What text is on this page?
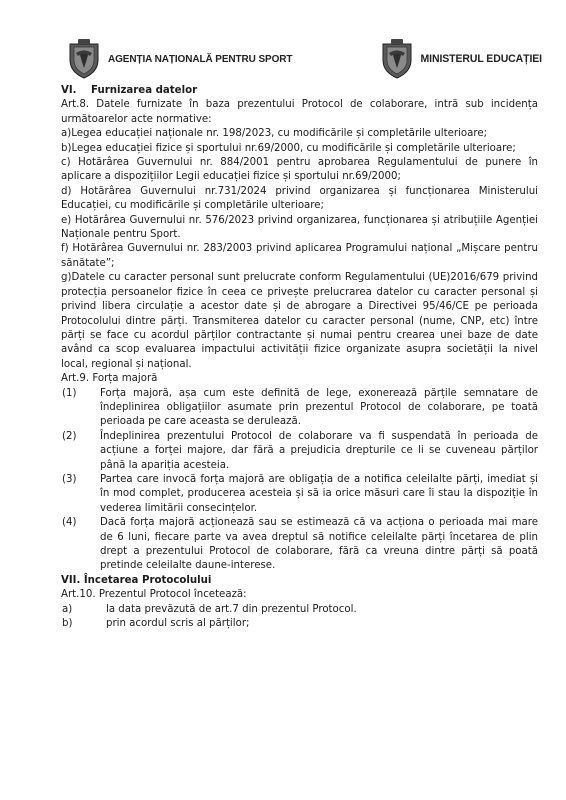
AGENȚIA NAȚIONALĂ PENTRU SPORT	MINISTERUL EDUCAȚIEI
VI.	Furnizarea datelor

Art.8. Datele furnizate în baza prezentului Protocol de colaborare, intră sub incidența următoarelor acte normative:

a)Legea educației naționale nr. 198/2023, cu modificările și completările ulterioare;

b)Legea educației fizice și sportului nr.69/2000, cu modificările și completările ulterioare;

c) Hotărârea Guvernului nr. 884/2001 pentru aprobarea Regulamentului de punere în aplicare a dispozițiilor Legii educației fizice și sportului nr.69/2000;

d) Hotărârea Guvernului nr.731/2024 privind organizarea și funcționarea Ministerului Educației, cu modificările și completările ulterioare;

e) Hotărârea Guvernului nr. 576/2023 privind organizarea, funcționarea și atribuțiile Agenției Naționale pentru Sport.

f) Hotărârea Guvernului nr. 283/2003 privind aplicarea Programului național „Mișcare pentru sănătate”;

g)Datele cu caracter personal sunt prelucrate conform Regulamentului (UE)2016/679 privind protecția persoanelor fizice în ceea ce privește prelucrarea datelor cu caracter personal și privind libera circulație a acestor date și de abrogare a Directivei 95/46/CE pe perioada Protocolului dintre părți. Transmiterea datelor cu caracter personal (nume, CNP, etc) între părți se face cu acordul părților contractante și numai pentru crearea unei baze de date având ca scop evaluarea impactului activității fizice organizate asupra societății la nivel local, regional și național.

Art.9. Forța majoră

(1)	Forța majoră, așa cum este definită de lege, exonerează părțile semnatare de îndeplinirea obligațiilor asumate prin prezentul Protocol de colaborare, pe toată perioada pe care aceasta se derulează.
(2)	Îndeplinirea prezentului Protocol de colaborare va fi suspendată în perioada de acțiune a forței majore, dar fără a prejudicia drepturile ce li se cuveneau părților până la apariția acesteia.
(3)	Partea care invocă forța majoră are obligația de a notifica celeilalte părți, imediat și în mod complet, producerea acesteia și să ia orice măsuri care îi stau la dispoziție în vederea limitării consecințelor.
(4)	Dacă forța majoră acționează sau se estimează că va acționa o perioada mai mare de 6 luni, fiecare parte va avea dreptul să notifice celeilalte părți încetarea de plin drept a prezentului Protocol de colaborare, fără ca vreuna dintre părți să poată pretinde celeilalte daune-interese.

VII. Încetarea Protocolului

Art.10. Prezentul Protocol încetează:

a)	la data prevăzută de art.7 din prezentul Protocol.
b)	prin acordul scris al părților;
